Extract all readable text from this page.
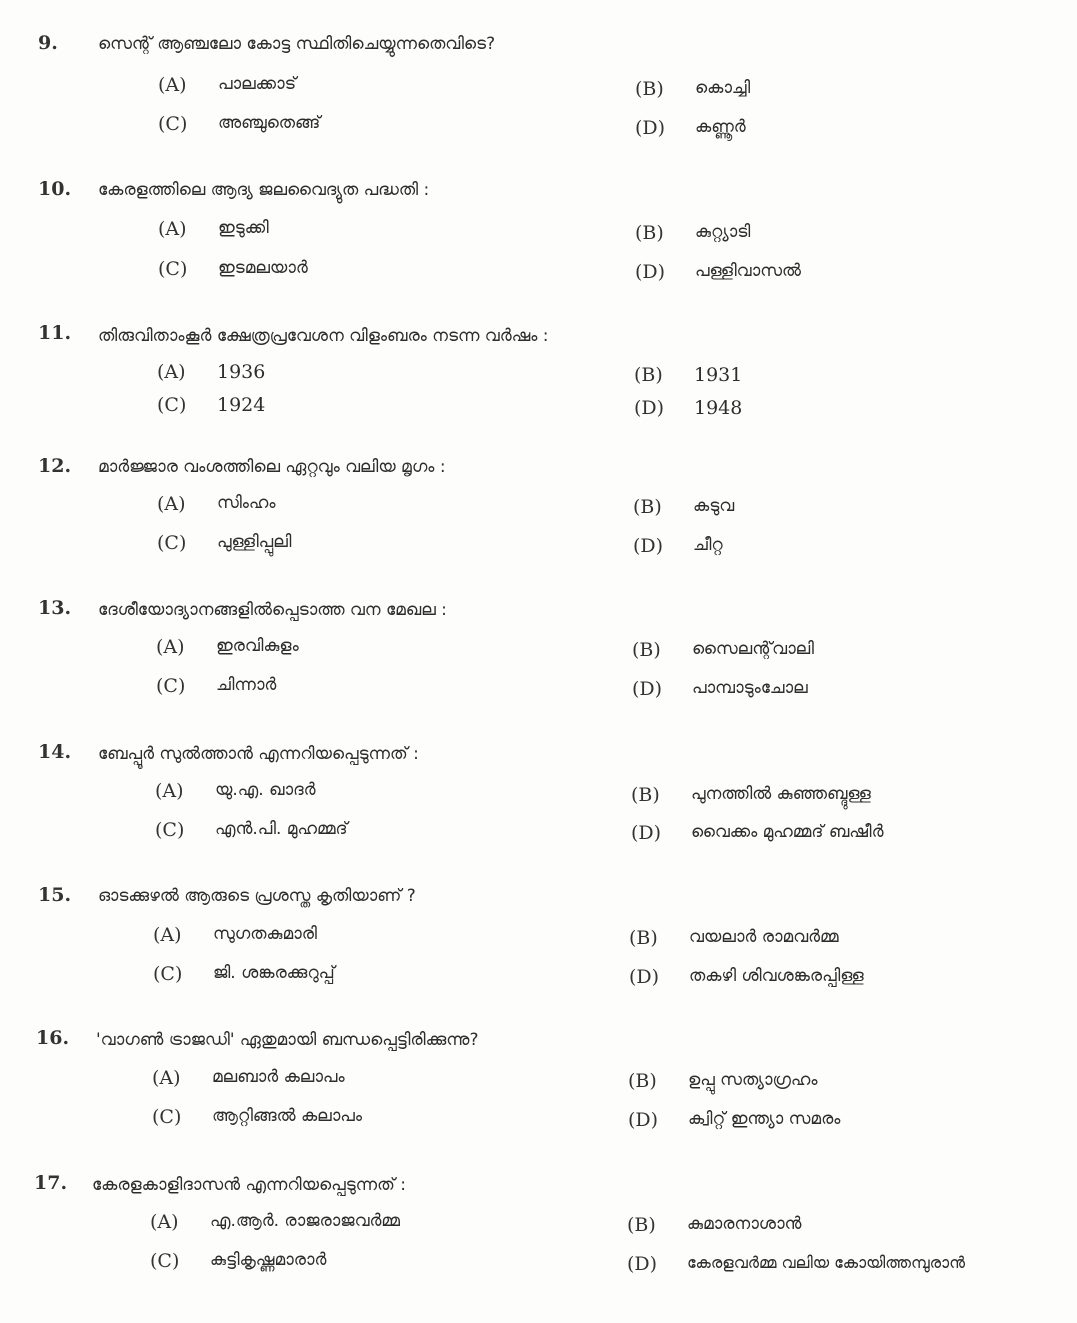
9. സെന്റ് ആഞ്ചലോ കോട്ട സ്ഥിതിചെയ്യുന്നതെവിടെ?
(A) പാലക്കാട്	(B) കൊച്ചി
(C) അഞ്ചുതെങ്ങ്	(D) കണ്ണൂർ
10. കേരളത്തിലെ ആദ്യ ജലവൈദ്യുത പദ്ധതി :
(A) ഇടുക്കി	(B) കുറ്റ്യാടി
(C) ഇടമലയാർ	(D) പള്ളിവാസൽ
11. തിരുവിതാംകൂർ ക്ഷേത്രപ്രവേശന വിളംബരം നടന്ന വർഷം :
(A) 1936	(B) 1931
(C) 1924	(D) 1948
12. മാർജ്ജാര വംശത്തിലെ ഏറ്റവും വലിയ മൃഗം :
(A) സിംഹം	(B) കടുവ
(C) പുള്ളിപ്പുലി	(D) ചീറ്റ
13. ദേശീയോദ്യാനങ്ങളിൽപ്പെടാത്ത വന മേഖല :
(A) ഇരവികുളം	(B) സൈലന്റ്‌വാലി
(C) ചിന്നാർ	(D) പാമ്പാടുംചോല
14. ബേപ്പൂർ സുൽത്താൻ എന്നറിയപ്പെടുന്നത് :
(A) യു.എ. ഖാദർ	(B) പുനത്തിൽ കുഞ്ഞബ്ദുള്ള
(C) എൻ.പി. മുഹമ്മദ്	(D) വൈക്കം മുഹമ്മദ് ബഷീർ
15. ഓടക്കുഴൽ ആരുടെ പ്രശസ്ത കൃതിയാണ് ?
(A) സുഗതകുമാരി	(B) വയലാർ രാമവർമ്മ
(C) ജി. ശങ്കരക്കുറുപ്പ്	(D) തകഴി ശിവശങ്കരപ്പിള്ള
16. 'വാഗൺ ട്രാജഡി' ഏതുമായി ബന്ധപ്പെട്ടിരിക്കുന്നു?
(A) മലബാർ കലാപം	(B) ഉപ്പു സത്യാഗ്രഹം
(C) ആറ്റിങ്ങൽ കലാപം	(D) ക്വിറ്റ് ഇന്ത്യാ സമരം
17. കേരളകാളിദാസൻ എന്നറിയപ്പെടുന്നത് :
(A) എ.ആർ. രാജരാജവർമ്മ	(B) കുമാരനാശാൻ
(C) കുട്ടികൃഷ്ണമാരാർ	(D) കേരളവർമ്മ വലിയ കോയിത്തമ്പുരാൻ
